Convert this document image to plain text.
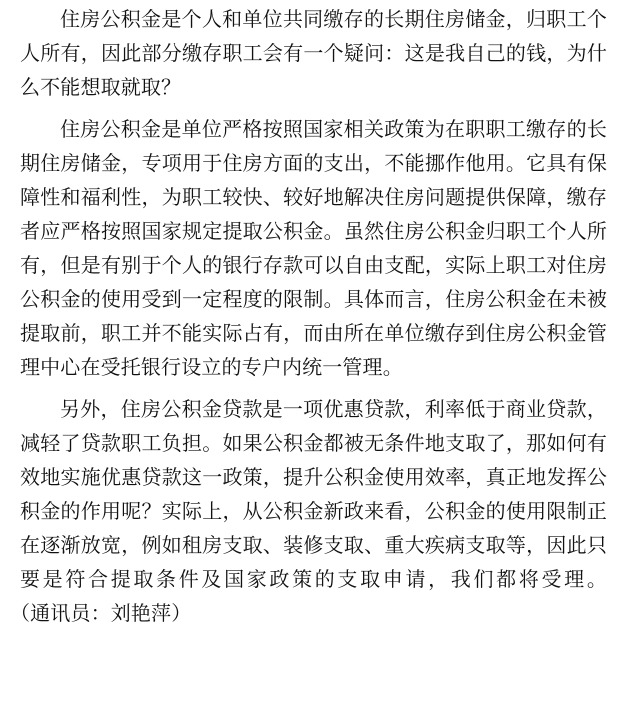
住房公积金是个人和单位共同缴存的长期住房储金，归职工个人所有，因此部分缴存职工会有一个疑问：这是我自己的钱，为什么不能想取就取？

住房公积金是单位严格按照国家相关政策为在职职工缴存的长期住房储金，专项用于住房方面的支出，不能挪作他用。它具有保障性和福利性，为职工较快、较好地解决住房问题提供保障，缴存者应严格按照国家规定提取公积金。虽然住房公积金归职工个人所有，但是有别于个人的银行存款可以自由支配，实际上职工对住房公积金的使用受到一定程度的限制。具体而言，住房公积金在未被提取前，职工并不能实际占有，而由所在单位缴存到住房公积金管理中心在受托银行设立的专户内统一管理。

另外，住房公积金贷款是一项优惠贷款，利率低于商业贷款，减轻了贷款职工负担。如果公积金都被无条件地支取了，那如何有效地实施优惠贷款这一政策，提升公积金使用效率，真正地发挥公积金的作用呢？实际上，从公积金新政来看，公积金的使用限制正在逐渐放宽，例如租房支取、装修支取、重大疾病支取等，因此只要是符合提取条件及国家政策的支取申请，我们都将受理。（通讯员：刘艳萍）
